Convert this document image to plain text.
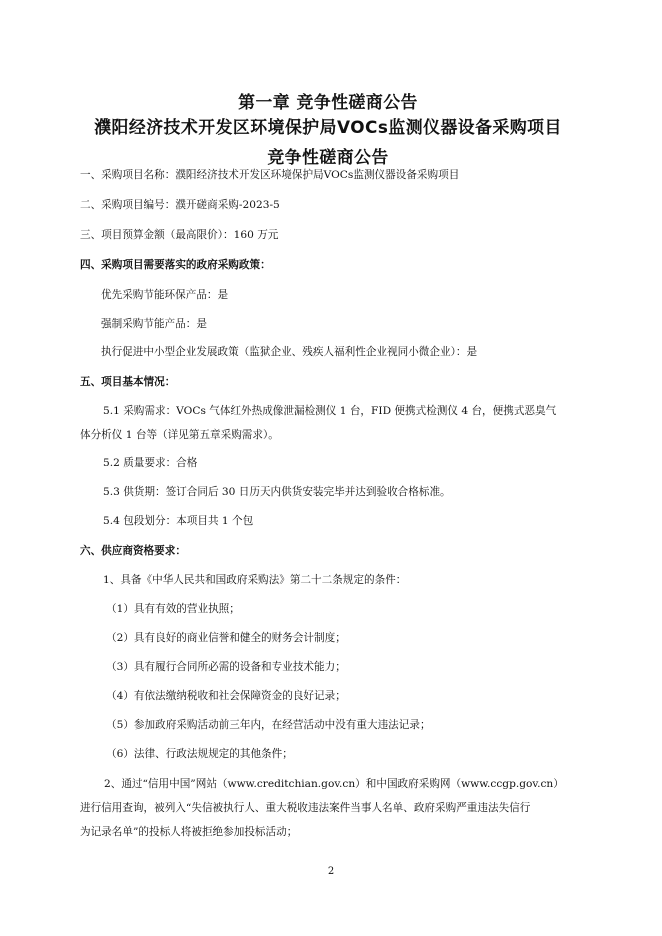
第一章 竞争性磋商公告
濮阳经济技术开发区环境保护局VOCs监测仪器设备采购项目
竞争性磋商公告
一、采购项目名称：濮阳经济技术开发区环境保护局VOCs监测仪器设备采购项目
二、采购项目编号：濮开磋商采购-2023-5
三、项目预算金额（最高限价）：160 万元
四、采购项目需要落实的政府采购政策：
优先采购节能环保产品：是
强制采购节能产品：是
执行促进中小型企业发展政策（监狱企业、残疾人福利性企业视同小微企业）：是
五、项目基本情况：
5.1 采购需求：VOCs 气体红外热成像泄漏检测仪 1 台，FID 便携式检测仪 4 台，便携式恶臭气
体分析仪 1 台等（详见第五章采购需求）。
5.2 质量要求：合格
5.3 供货期：签订合同后 30 日历天内供货安装完毕并达到验收合格标准。
5.4 包段划分：本项目共 1 个包
六、供应商资格要求：
1、具备《中华人民共和国政府采购法》第二十二条规定的条件：
（1）具有有效的营业执照；
（2）具有良好的商业信誉和健全的财务会计制度；
（3）具有履行合同所必需的设备和专业技术能力；
（4）有依法缴纳税收和社会保障资金的良好记录；
（5）参加政府采购活动前三年内，在经营活动中没有重大违法记录；
（6）法律、行政法规规定的其他条件；
2、通过“信用中国”网站（www.creditchian.gov.cn）和中国政府采购网（www.ccgp.gov.cn）
进行信用查询，被列入“失信被执行人、重大税收违法案件当事人名单、政府采购严重违法失信行
为记录名单”的投标人将被拒绝参加投标活动；
2
